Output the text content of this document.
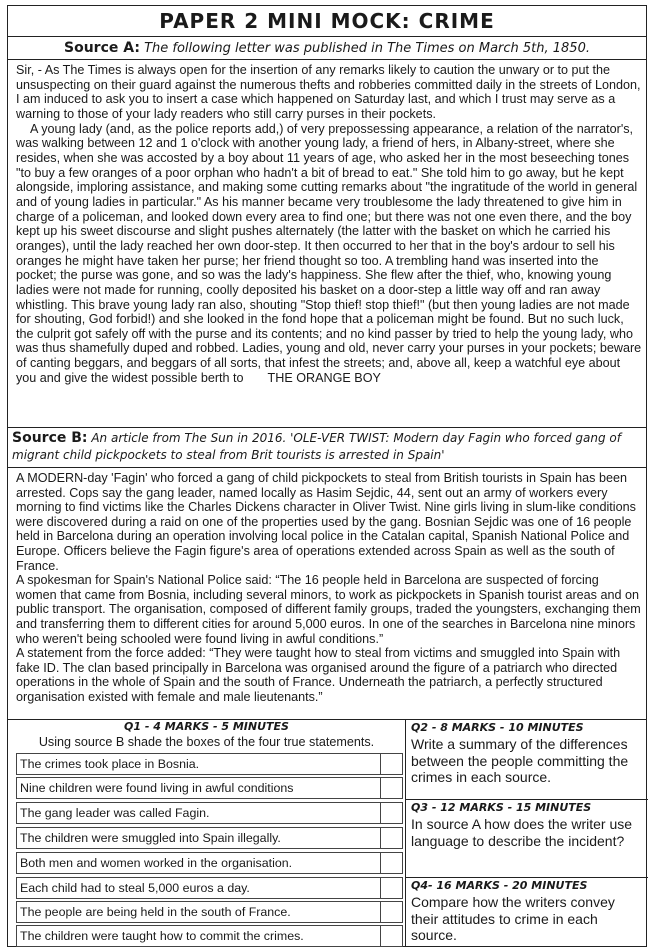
PAPER 2 MINI MOCK: CRIME
Source A: The following letter was published in The Times on March 5th, 1850.

Sir, - As The Times is always open for the insertion of any remarks likely to caution the unwary or to put the unsuspecting on their guard against the numerous thefts and robberies committed daily in the streets of London, I am induced to ask you to insert a case which happened on Saturday last, and which I trust may serve as a warning to those of your lady readers who still carry purses in their pockets.

A young lady (and, as the police reports add,) of very prepossessing appearance, a relation of the narrator's, was walking between 12 and 1 o'clock with another young lady, a friend of hers, in Albany-street, where she resides, when she was accosted by a boy about 11 years of age, who asked her in the most beseeching tones "to buy a few oranges of a poor orphan who hadn't a bit of bread to eat." She told him to go away, but he kept alongside, imploring assistance, and making some cutting remarks about "the ingratitude of the world in general and of young ladies in particular." As his manner became very troublesome the lady threatened to give him in charge of a policeman, and looked down every area to find one; but there was not one even there, and the boy kept up his sweet discourse and slight pushes alternately (the latter with the basket on which he carried his oranges), until the lady reached her own door-step. It then occurred to her that in the boy's ardour to sell his oranges he might have taken her purse; her friend thought so too. A trembling hand was inserted into the pocket; the purse was gone, and so was the lady's happiness. She flew after the thief, who, knowing young ladies were not made for running, coolly deposited his basket on a door-step a little way off and ran away whistling. This brave young lady ran also, shouting "Stop thief! stop thief!" (but then young ladies are not made for shouting, God forbid!) and she looked in the fond hope that a policeman might be found. But no such luck, the culprit got safely off with the purse and its contents; and no kind passer by tried to help the young lady, who was thus shamefully duped and robbed. Ladies, young and old, never carry your purses in your pockets; beware of canting beggars, and beggars of all sorts, that infest the streets; and, above all, keep a watchful eye about you and give the widest possible berth to THE ORANGE BOY

Source B: An article from The Sun in 2016. 'OLE-VER TWIST: Modern day Fagin who forced gang of migrant child pickpockets to steal from Brit tourists is arrested in Spain'

A MODERN-day 'Fagin' who forced a gang of child pickpockets to steal from British tourists in Spain has been arrested. Cops say the gang leader, named locally as Hasim Sejdic, 44, sent out an army of workers every morning to find victims like the Charles Dickens character in Oliver Twist. Nine girls living in slum-like conditions were discovered during a raid on one of the properties used by the gang. Bosnian Sejdic was one of 16 people held in Barcelona during an operation involving local police in the Catalan capital, Spanish National Police and Europe. Officers believe the Fagin figure's area of operations extended across Spain as well as the south of France.

A spokesman for Spain's National Police said: “The 16 people held in Barcelona are suspected of forcing women that came from Bosnia, including several minors, to work as pickpockets in Spanish tourist areas and on public transport. The organisation, composed of different family groups, traded the youngsters, exchanging them and transferring them to different cities for around 5,000 euros. In one of the searches in Barcelona nine minors who weren't being schooled were found living in awful conditions.”

A statement from the force added: “They were taught how to steal from victims and smuggled into Spain with fake ID. The clan based principally in Barcelona was organised around the figure of a patriarch who directed operations in the whole of Spain and the south of France. Underneath the patriarch, a perfectly structured organisation existed with female and male lieutenants.”

Q1 - 4 MARKS - 5 MINUTES
Using source B shade the boxes of the four true statements.
The crimes took place in Bosnia.
Nine children were found living in awful conditions
The gang leader was called Fagin.
The children were smuggled into Spain illegally.
Both men and women worked in the organisation.
Each child had to steal 5,000 euros a day.
The people are being held in the south of France.
The children were taught how to commit the crimes.
Q2 - 8 MARKS - 10 MINUTES
Write a summary of the differences between the people committing the crimes in each source.
Q3 - 12 MARKS - 15 MINUTES
In source A how does the writer use language to describe the incident?
Q4- 16 MARKS - 20 MINUTES
Compare how the writers convey their attitudes to crime in each source.
